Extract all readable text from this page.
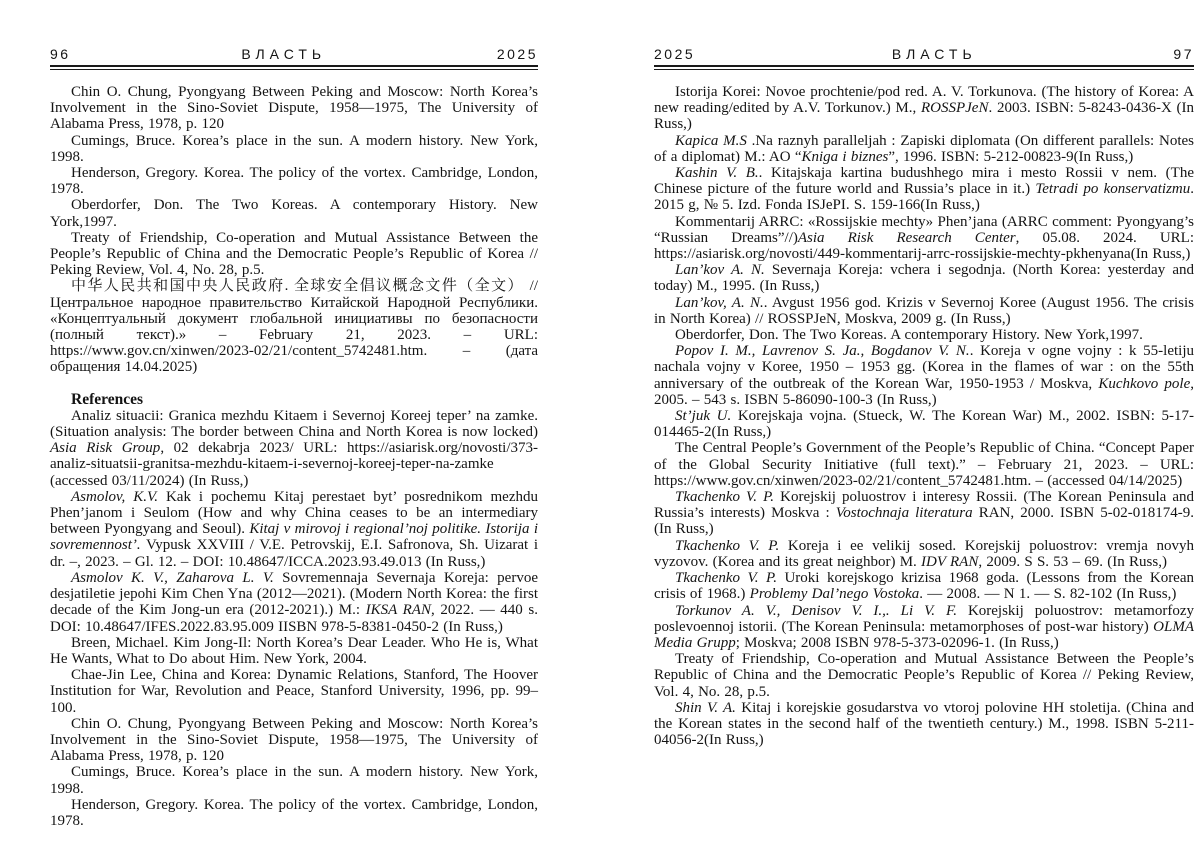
96	ВЛАСТЬ	2025

Chin O. Chung, Pyongyang Between Peking and Moscow: North Korea’s Involvement in the Sino-Soviet Dispute, 1958—1975, The University of Alabama Press, 1978, p. 120

Cumings, Bruce. Korea’s place in the sun. A modern history. New York, 1998.

Henderson, Gregory. Korea. The policy of the vortex. Cambridge, London, 1978.

Oberdorfer, Don. The Two Koreas. A contemporary History. New York,1997.

Treaty of Friendship, Co-operation and Mutual Assistance Between the People’s Republic of China and the Democratic People’s Republic of Korea // Peking Review, Vol. 4, No. 28, p.5.

中华人民共和国中央人民政府. 全球安全倡议概念文件（全文） // Центральное народное правительство Китайской Народной Республики. «Концептуальный документ глобальной инициативы по безопасности (полный текст).» – February 21, 2023. – URL: https://www.gov.cn/xinwen/2023-02/21/content_5742481.htm. – (дата обращения 14.04.2025)

References

Analiz situacii: Granica mezhdu Kitaem i Severnoj Koreej teper’ na zamke. (Situation analysis: The border between China and North Korea is now locked) Asia Risk Group, 02 dekabrja 2023/ URL: https://asiarisk.org/novosti/373-analiz-situatsii-granitsa-mezhdu-kitaem-i-severnoj-koreej-teper-na-zamke (accessed 03/11/2024) (In Russ,)

Asmolov, K.V. Kak i pochemu Kitaj perestaet byt’ posrednikom mezhdu Phen’janom i Seulom (How and why China ceases to be an intermediary between Pyongyang and Seoul). Kitaj v mirovoj i regional’noj politike. Istorija i sovremennost’. Vypusk XXVIII / V.E. Petrovskij, E.I. Safronova, Sh. Uizarat i dr. –, 2023. – Gl. 12. – DOI: 10.48647/ICCA.2023.93.49.013 (In Russ,)

Asmolov K. V., Zaharova L. V. Sovremennaja Severnaja Koreja: pervoe desjatiletie jepohi Kim Chen Yna (2012—2021). (Modern North Korea: the first decade of the Kim Jong-un era (2012-2021).) M.: IKSA RAN, 2022. — 440 s. DOI: 10.48647/IFES.2022.83.95.009 IISBN 978-5-8381-0450-2 (In Russ,)

Breen, Michael. Kim Jong-Il: North Korea’s Dear Leader. Who He is, What He Wants, What to Do about Him. New York, 2004.

Chae-Jin Lee, China and Korea: Dynamic Relations, Stanford, The Hoover Institution for War, Revolution and Peace, Stanford University, 1996, pp. 99–100.

Chin O. Chung, Pyongyang Between Peking and Moscow: North Korea’s Involvement in the Sino-Soviet Dispute, 1958—1975, The University of Alabama Press, 1978, p. 120

Cumings, Bruce. Korea’s place in the sun. A modern history. New York, 1998.

Henderson, Gregory. Korea. The policy of the vortex. Cambridge, London, 1978.

2025	ВЛАСТЬ	97

Istorija Korei: Novoe prochtenie/pod red. A. V. Torkunova. (The history of Korea: A new reading/edited by A.V. Torkunov.) M., ROSSPJeN. 2003. ISBN: 5-8243-0436-X (In Russ,)

Kapica M.S .Na raznyh paralleljah : Zapiski diplomata (On different parallels: Notes of a diplomat) M.: AO “Kniga i biznes”, 1996. ISBN: 5-212-00823-9(In Russ,)

Kashin V. B.. Kitajskaja kartina budushhego mira i mesto Rossii v nem. (The Chinese picture of the future world and Russia’s place in it.) Tetradi po konservatizmu. 2015 g, № 5. Izd. Fonda ISJePI. S. 159-166(In Russ,)

Kommentarij ARRC: «Rossijskie mechty» Phen’jana (ARRC comment: Pyongyang’s “Russian Dreams”//)Asia Risk Research Center, 05.08. 2024. URL: https://asiarisk.org/novosti/449-kommentarij-arrc-rossijskie-mechty-pkhenyana(In Russ,)

Lan’kov A. N. Severnaja Koreja: vchera i segodnja. (North Korea: yesterday and today) M., 1995. (In Russ,)

Lan’kov, A. N.. Avgust 1956 god. Krizis v Severnoj Koree (August 1956. The crisis in North Korea) // ROSSPJeN, Moskva, 2009 g. (In Russ,)

Oberdorfer, Don. The Two Koreas. A contemporary History. New York,1997.

Popov I. M., Lavrenov S. Ja., Bogdanov V. N.. Koreja v ogne vojny : k 55-letiju nachala vojny v Koree, 1950 – 1953 gg. (Korea in the flames of war : on the 55th anniversary of the outbreak of the Korean War, 1950-1953 / Moskva, Kuchkovo pole, 2005. – 543 s. ISBN 5-86090-100-3 (In Russ,)

St’juk U. Korejskaja vojna. (Stueck, W. The Korean War) M., 2002. ISBN: 5-17-014465-2(In Russ,)

The Central People’s Government of the People’s Republic of China. “Concept Paper of the Global Security Initiative (full text).” – February 21, 2023. – URL: https://www.gov.cn/xinwen/2023-02/21/content_5742481.htm. – (accessed 04/14/2025)

Tkachenko V. P. Korejskij poluostrov i interesy Rossii. (The Korean Peninsula and Russia’s interests) Moskva : Vostochnaja literatura RAN, 2000. ISBN 5-02-018174-9. (In Russ,)

Tkachenko V. P. Koreja i ee velikij sosed. Korejskij poluostrov: vremja novyh vyzovov. (Korea and its great neighbor) M. IDV RAN, 2009. S S. 53 – 69. (In Russ,)

Tkachenko V. P. Uroki korejskogo krizisa 1968 goda. (Lessons from the Korean crisis of 1968.) Problemy Dal’nego Vostoka. — 2008. — N 1. — S. 82-102 (In Russ,)

Torkunov A. V., Denisov V. I.,. Li V. F. Korejskij poluostrov: metamorfozy poslevoennoj istorii. (The Korean Peninsula: metamorphoses of post-war history) OLMA Media Grupp; Moskva; 2008 ISBN 978-5-373-02096-1. (In Russ,)

Treaty of Friendship, Co-operation and Mutual Assistance Between the People’s Republic of China and the Democratic People’s Republic of Korea // Peking Review, Vol. 4, No. 28, p.5.

Shin V. A. Kitaj i korejskie gosudarstva vo vtoroj polovine HH stoletija. (China and the Korean states in the second half of the twentieth century.) M., 1998. ISBN 5-211-04056-2(In Russ,)
